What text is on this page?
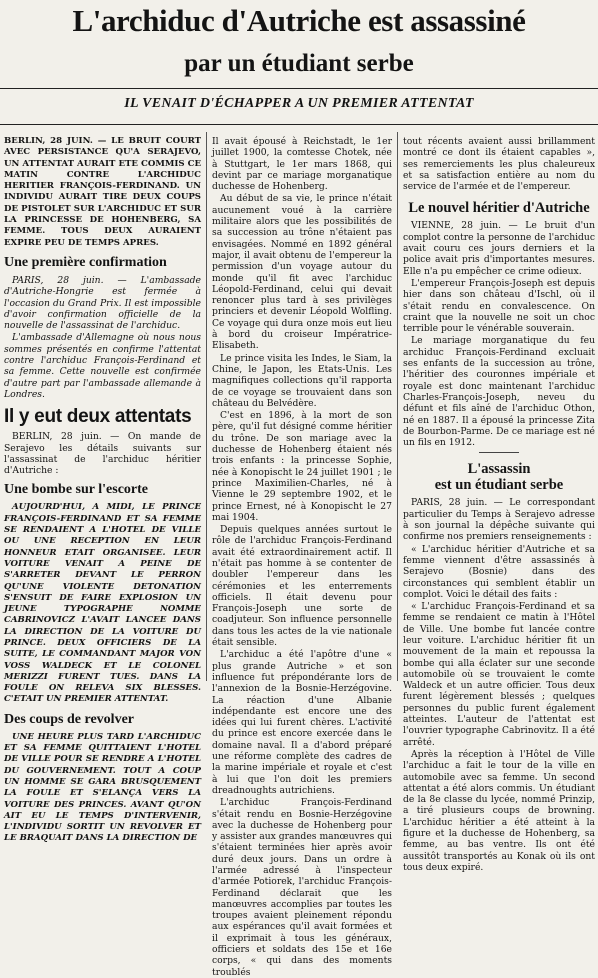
L'archiduc d'Autriche est assassiné
par un étudiant serbe
IL VENAIT D'ÉCHAPPER A UN PREMIER ATTENTAT

BERLIN, 28 JUIN. — LE BRUIT COURT AVEC PERSISTANCE QU'A SERAJEVO, UN ATTENTAT AURAIT ETE COMMIS CE MATIN CONTRE L'ARCHIDUC HERITIER FRANÇOIS-FERDINAND. UN INDIVIDU AURAIT TIRE DEUX COUPS DE PISTOLET SUR L'ARCHIDUC ET SUR LA PRINCESSE DE HOHENBERG, SA FEMME. TOUS DEUX AURAIENT EXPIRE PEU DE TEMPS APRES.

Une première confirmation

PARIS, 28 juin. — L'ambassade d'Autriche-Hongrie est fermée à l'occasion du Grand Prix. Il est impossible d'avoir confirmation officielle de la nouvelle de l'assassinat de l'archiduc.

L'ambassade d'Allemagne où nous nous sommes présentés en confirme l'attentat contre l'archiduc François-Ferdinand et sa femme. Cette nouvelle est confirmée d'autre part par l'ambassade allemande à Londres.

Il y eut deux attentats

BERLIN, 28 juin. — On mande de Serajevo les détails suivants sur l'assassinat de l'archiduc héritier d'Autriche :

Une bombe sur l'escorte

AUJOURD'HUI, A MIDI, LE PRINCE FRANÇOIS-FERDINAND ET SA FEMME SE RENDAIENT A L'HOTEL DE VILLE OU UNE RECEPTION EN LEUR HONNEUR ETAIT ORGANISEE. LEUR VOITURE VENAIT A PEINE DE S'ARRETER DEVANT LE PERRON QU'UNE VIOLENTE DETONATION S'ENSUIT DE FAIRE EXPLOSION UN JEUNE TYPOGRAPHE NOMME CABRINOVICZ L'AVAIT LANCEE DANS LA DIRECTION DE LA VOITURE DU PRINCE. DEUX OFFICIERS DE LA SUITE, LE COMMANDANT MAJOR VON VOSS WALDECK ET LE COLONEL MERIZZI FURENT TUES. DANS LA FOULE ON RELEVA SIX BLESSES. C'ETAIT UN PREMIER ATTENTAT.

Des coups de revolver

UNE HEURE PLUS TARD L'ARCHIDUC ET SA FEMME QUITTAIENT L'HOTEL DE VILLE POUR SE RENDRE A L'HOTEL DU GOUVERNEMENT. TOUT A COUP UN HOMME SE GARA BRUSQUEMENT LA FOULE ET S'ELANÇA VERS LA VOITURE DES PRINCES. AVANT QU'ON AIT EU LE TEMPS D'INTERVENIR, L'INDIVIDU SORTIT UN REVOLVER ET LE BRAQUAIT DANS LA DIRECTION DE

Il avait épousé à Reichstadt, le 1er juillet 1900, la comtesse Chotek, née à Stuttgart, le 1er mars 1868, qui devint par ce mariage morganatique duchesse de Hohenberg.

Au début de sa vie, le prince n'était aucunement voué à la carrière militaire alors que les possibilités de sa succession au trône n'étaient pas envisagées. Nommé en 1892 général major, il avait obtenu de l'empereur la permission d'un voyage autour du monde qu'il fit avec l'archiduc Léopold-Ferdinand, celui qui devait renoncer plus tard à ses privilèges princiers et devenir Léopold Wolfling. Ce voyage qui dura onze mois eut lieu à bord du croiseur Impératrice-Elisabeth.

Le prince visita les Indes, le Siam, la Chine, le Japon, les Etats-Unis. Les magnifiques collections qu'il rapporta de ce voyage se trouvaient dans son château du Belvédère.

C'est en 1896, à la mort de son père, qu'il fut désigné comme héritier du trône. De son mariage avec la duchesse de Hohenberg étaient nés trois enfants : la princesse Sophie, née à Konopischt le 24 juillet 1901 ; le prince Maximilien-Charles, né à Vienne le 29 septembre 1902, et le prince Ernest, né à Konopischt le 27 mai 1904.

Depuis quelques années surtout le rôle de l'archiduc François-Ferdinand avait été extraordinairement actif. Il n'était pas homme à se contenter de doubler l'empereur dans les cérémonies et les enterrements officiels. Il était devenu pour François-Joseph une sorte de coadjuteur. Son influence personnelle dans tous les actes de la vie nationale était sensible.

L'archiduc a été l'apôtre d'une « plus grande Autriche » et son influence fut prépondérante lors de l'annexion de la Bosnie-Herzégovine. La réaction d'une Albanie indépendante est encore une des idées qui lui furent chères. L'activité du prince est encore exercée dans le domaine naval. Il a d'abord préparé une réforme complète des cadres de la marine impériale et royale et c'est à lui que l'on doit les premiers dreadnoughts autrichiens.

L'archiduc François-Ferdinand s'était rendu en Bosnie-Herzégovine avec la duchesse de Hohenberg pour y assister aux grandes manœuvres qui s'étaient terminées hier après avoir duré deux jours. Dans un ordre à l'armée adressé à l'inspecteur d'armée Potiorek, l'archiduc François-Ferdinand déclarait que les manœuvres accomplies par toutes les troupes avaient pleinement répondu aux espérances qu'il avait formées et il exprimait à tous les généraux, officiers et soldats des 15e et 16e corps, « qui dans des moments troublés

tout récents avaient aussi brillamment montré ce dont ils étaient capables », ses remerciements les plus chaleureux et sa satisfaction entière au nom du service de l'armée et de l'empereur.

Le nouvel héritier d'Autriche

VIENNE, 28 juin. — Le bruit d'un complot contre la personne de l'archiduc avait couru ces jours derniers et la police avait pris d'importantes mesures. Elle n'a pu empêcher ce crime odieux.

L'empereur François-Joseph est depuis hier dans son château d'Ischl, où il s'était rendu en convalescence. On craint que la nouvelle ne soit un choc terrible pour le vénérable souverain.

Le mariage morganatique du feu archiduc François-Ferdinand excluait ses enfants de la succession au trône, l'héritier des couronnes impériale et royale est donc maintenant l'archiduc Charles-François-Joseph, neveu du défunt et fils aîné de l'archiduc Othon, né en 1887. Il a épousé la princesse Zita de Bourbon-Parme. De ce mariage est né un fils en 1912.

L'assassin
est un étudiant serbe

PARIS, 28 juin. — Le correspondant particulier du Temps à Serajevo adresse à son journal la dépêche suivante qui confirme nos premiers renseignements :

« L'archiduc héritier d'Autriche et sa femme viennent d'être assassinés à Serajevo (Bosnie) dans des circonstances qui semblent établir un complot. Voici le détail des faits :

« L'archiduc François-Ferdinand et sa femme se rendaient ce matin à l'Hôtel de Ville. Une bombe fut lancée contre leur voiture. L'archiduc héritier fit un mouvement de la main et repoussa la bombe qui alla éclater sur une seconde automobile où se trouvaient le comte Waldeck et un autre officier. Tous deux furent légèrement blessés ; quelques personnes du public furent également atteintes. L'auteur de l'attentat est l'ouvrier typographe Cabrinovitz. Il a été arrêté.

Après la réception à l'Hôtel de Ville l'archiduc a fait le tour de la ville en automobile avec sa femme. Un second attentat a été alors commis. Un étudiant de la 8e classe du lycée, nommé Prinzip, a tiré plusieurs coups de browning. L'archiduc héritier a été atteint à la figure et la duchesse de Hohenberg, sa femme, au bas ventre. Ils ont été aussitôt transportés au Konak où ils ont tous deux expiré.
